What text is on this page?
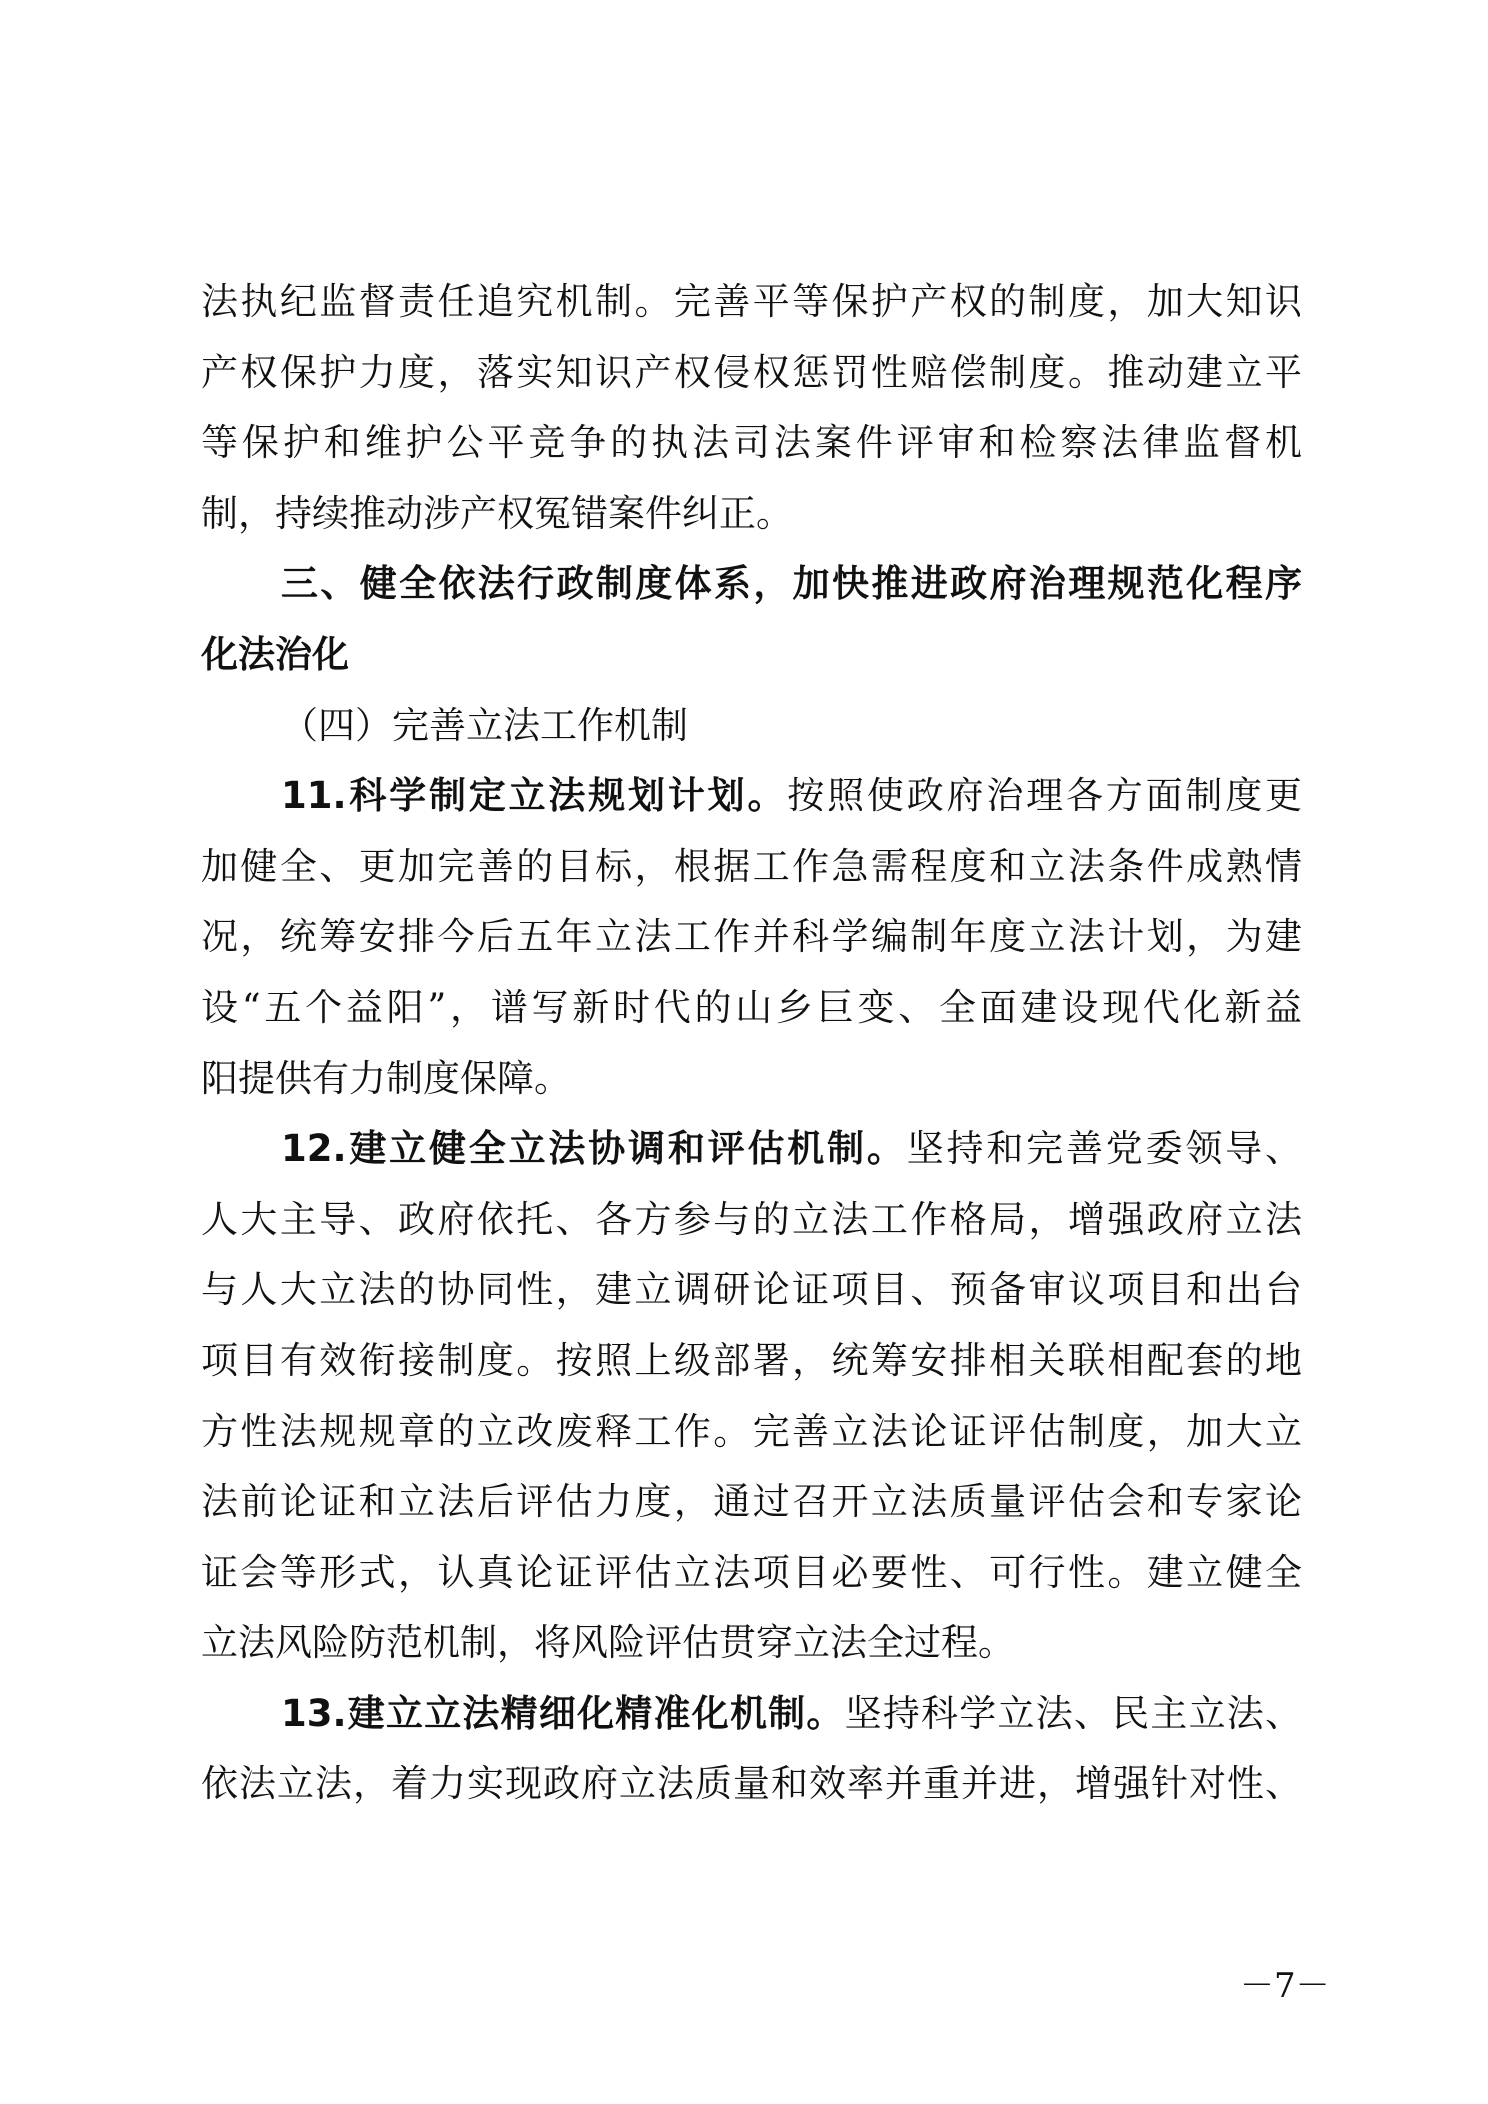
法执纪监督责任追究机制。完善平等保护产权的制度，加大知识
产权保护力度，落实知识产权侵权惩罚性赔偿制度。推动建立平
等保护和维护公平竞争的执法司法案件评审和检察法律监督机
制，持续推动涉产权冤错案件纠正。
三、健全依法行政制度体系，加快推进政府治理规范化程序
化法治化
（四）完善立法工作机制
11.科学制定立法规划计划。按照使政府治理各方面制度更
加健全、更加完善的目标，根据工作急需程度和立法条件成熟情
况，统筹安排今后五年立法工作并科学编制年度立法计划，为建
设“五个益阳”，谱写新时代的山乡巨变、全面建设现代化新益
阳提供有力制度保障。
12.建立健全立法协调和评估机制。坚持和完善党委领导、
人大主导、政府依托、各方参与的立法工作格局，增强政府立法
与人大立法的协同性，建立调研论证项目、预备审议项目和出台
项目有效衔接制度。按照上级部署，统筹安排相关联相配套的地
方性法规规章的立改废释工作。完善立法论证评估制度，加大立
法前论证和立法后评估力度，通过召开立法质量评估会和专家论
证会等形式，认真论证评估立法项目必要性、可行性。建立健全
立法风险防范机制，将风险评估贯穿立法全过程。
13.建立立法精细化精准化机制。坚持科学立法、民主立法、
依法立法，着力实现政府立法质量和效率并重并进，增强针对性、
－7－
